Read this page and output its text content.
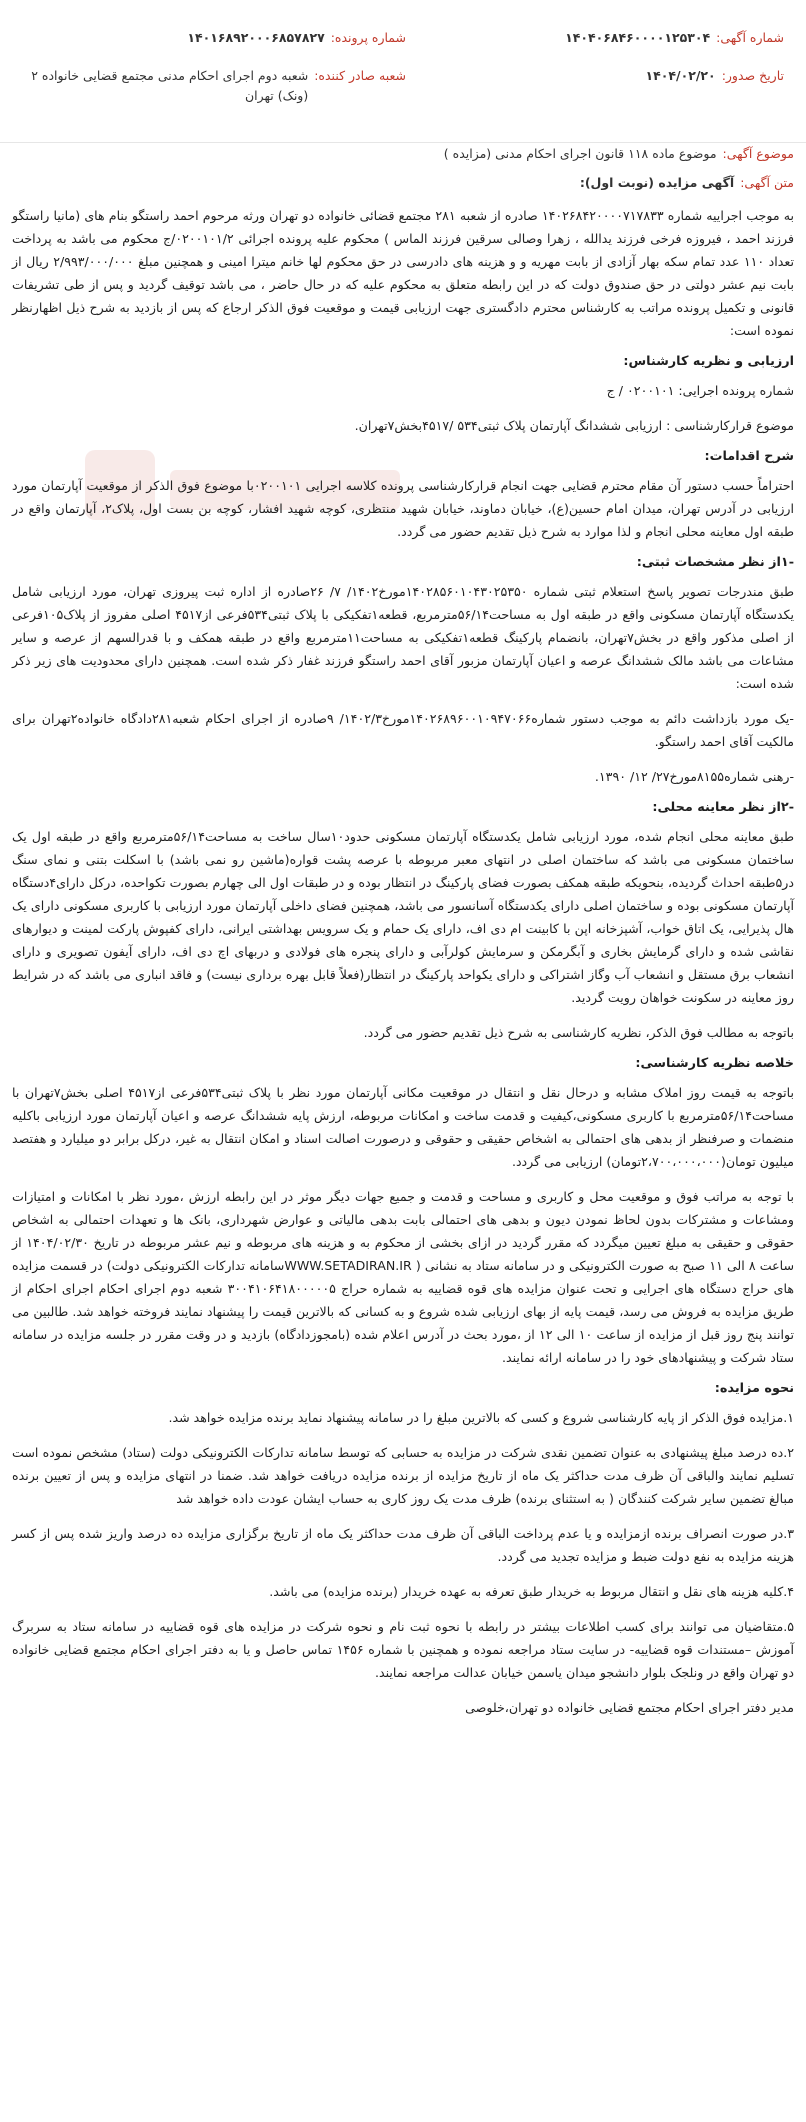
شماره آگهی:
۱۴۰۴۰۶۸۴۶۰۰۰۰۱۲۵۳۰۴
تاریخ صدور:
۱۴۰۴/۰۲/۲۰
شماره پرونده:
۱۴۰۱۶۸۹۲۰۰۰۶۸۵۷۸۲۷
شعبه صادر کننده:
شعبه دوم اجرای احکام مدنی مجتمع قضایی خانواده ۲ (ونک) تهران
موضوع آگهی:
موضوع ماده ۱۱۸ قانون اجرای احکام مدنی (مزایده )
متن آگهی:
آگهی مزایده (نوبت اول):

به موجب اجراییه شماره ۱۴۰۲۶۸۴۲۰۰۰۰۷۱۷۸۳۳ صادره از شعبه ۲۸۱ مجتمع قضائی خانواده دو تهران ورثه مرحوم احمد راستگو بنام های (مانیا راستگو فرزند احمد ، فیروزه فرخی فرزند یدالله ، زهرا وصالی سرقین فرزند الماس ) محکوم علیه پرونده اجرائی ۰۲۰۰۱۰۱/۲/ج محکوم می باشد به پرداخت تعداد ۱۱۰ عدد تمام سکه بهار آزادی از بابت مهریه و و هزینه های دادرسی در حق محکوم لها خانم میترا امینی و همچنین مبلغ ۲/۹۹۳/۰۰۰/۰۰۰ ریال از بابت نیم عشر دولتی در حق صندوق دولت که در این رابطه متعلق به محکوم علیه که در حال حاضر ، می باشد توقیف گردید و پس از طی تشریفات قانونی و تکمیل پرونده مراتب به کارشناس محترم دادگستری جهت ارزیابی قیمت و موقعیت فوق الذکر ارجاع که پس از بازدید به شرح ذیل اظهارنظر نموده است:

ارزیابی و نظریه کارشناس:

شماره پرونده اجرایی: ۰۲۰۰۱۰۱ / ج

موضوع قرارکارشناسی : ارزیابی ششدانگ آپارتمان پلاک ثبتی۵۳۴ /۴۵۱۷بخش۷تهران.

شرح اقدامات:

احتراماً حسب دستور آن مقام محترم قضایی جهت انجام قرارکارشناسی پرونده کلاسه اجرایی ۰۲۰۰۱۰۱با موضوع فوق الذکر از موقعیت آپارتمان مورد ارزیابی در آدرس تهران، میدان امام حسین(ع)، خیابان دماوند، خیابان شهید منتظری، کوچه شهید افشار، کوچه بن بست اول، پلاک۲، آپارتمان واقع در طبقه اول معاینه محلی انجام و لذا موارد به شرح ذیل تقدیم حضور می گردد.

-۱از نظر مشخصات ثبتی:

طبق مندرجات تصویر پاسخ استعلام ثبتی شماره ۱۴۰۲۸۵۶۰۱۰۴۳۰۲۵۳۵۰مورخ۱۴۰۲/ ۷/ ۲۶صادره از اداره ثبت پیروزی تهران، مورد ارزیابی شامل یکدستگاه آپارتمان مسکونی واقع در طبقه اول به مساحت۵۶/۱۴مترمربع، قطعه۱تفکیکی با پلاک ثبتی۵۳۴فرعی از۴۵۱۷ اصلی مفروز از پلاک۱۰۵فرعی از اصلی مذکور واقع در بخش۷تهران، بانضمام پارکینگ قطعه۱تفکیکی به مساحت۱۱مترمربع واقع در طبقه همکف و با قدرالسهم از عرصه و سایر مشاعات می باشد مالک ششدانگ عرصه و اعیان آپارتمان مزبور آقای احمد راستگو فرزند غفار ذکر شده است. همچنین دارای محدودیت های زیر ذکر شده است:

-یک مورد بازداشت دائم به موجب دستور شماره۱۴۰۲۶۸۹۶۰۰۱۰۹۴۷۰۶۶مورخ۱۴۰۲/۳/ ۹صادره از اجرای احکام شعبه۲۸۱دادگاه خانواده۲تهران برای مالکیت آقای احمد راستگو.

-رهنی شماره۸۱۵۵مورخ۲۷/ ۱۲/ ۱۳۹۰.

-۲از نظر معاینه محلی:

طبق معاینه محلی انجام شده، مورد ارزیابی شامل یکدستگاه آپارتمان مسکونی حدود۱۰سال ساخت به مساحت۵۶/۱۴مترمربع واقع در طبقه اول یک ساختمان مسکونی می باشد که ساختمان اصلی در انتهای معبر مربوطه با عرصه پشت قواره(ماشین رو نمی باشد) با اسکلت بتنی و نمای سنگ در۵طبقه احداث گردیده، بنحویکه طبقه همکف بصورت فضای پارکینگ در انتظار بوده و در طبقات اول الی چهارم بصورت تکواحده، درکل دارای۴دستگاه آپارتمان مسکونی بوده و ساختمان اصلی دارای یکدستگاه آسانسور می باشد، همچنین فضای داخلی آپارتمان مورد ارزیابی با کاربری مسکونی دارای یک هال پذیرایی، یک اتاق خواب، آشپزخانه اپن با کابینت ام دی اف، دارای یک حمام و یک سرویس بهداشتی ایرانی، دارای کفپوش پارکت لمینت و دیوارهای نقاشی شده و دارای گرمایش بخاری و آبگرمکن و سرمایش کولرآبی و دارای پنجره های فولادی و دربهای اچ دی اف، دارای آیفون تصویری و دارای انشعاب برق مستقل و انشعاب آب وگاز اشتراکی و دارای یکواحد پارکینگ در انتظار(فعلاً قابل بهره برداری نیست) و فاقد انباری می باشد که در شرایط روز معاینه در سکونت خواهان رویت گردید.

باتوجه به مطالب فوق الذکر، نظریه کارشناسی به شرح ذیل تقدیم حضور می گردد.

خلاصه نظریه کارشناسی:

باتوجه به قیمت روز املاک مشابه و درحال نقل و انتقال در موقعیت مکانی آپارتمان مورد نظر با پلاک ثبتی۵۳۴فرعی از۴۵۱۷ اصلی بخش۷تهران با مساحت۵۶/۱۴مترمربع با کاربری مسکونی،کیفیت و قدمت ساخت و امکانات مربوطه، ارزش پایه ششدانگ عرصه و اعیان آپارتمان مورد ارزیابی باکلیه منضمات و صرفنظر از بدهی های احتمالی به اشخاص حقیقی و حقوقی و درصورت اصالت اسناد و امکان انتقال به غیر، درکل برابر دو میلیارد و هفتصد میلیون تومان(۲،۷۰۰،۰۰۰،۰۰۰تومان) ارزیابی می گردد.

با توجه به مراتب فوق و موقعیت محل و کاربری و مساحت و قدمت و جمیع جهات دیگر موثر در این رابطه ارزش ،مورد نظر با امکانات و امتیازات ومشاعات و مشترکات بدون لحاظ نمودن دیون و بدهی های احتمالی بابت بدهی مالیاتی و عوارض شهرداری، بانک ها و تعهدات احتمالی به اشخاص حقوقی و حقیقی به مبلغ تعیین میگردد که مقرر گردید در ازای بخشی از محکوم به و هزینه های مربوطه و نیم عشر مربوطه در تاریخ ۱۴۰۴/۰۲/۳۰ از ساعت ۸ الی ۱۱ صبح به صورت الکترونیکی و در سامانه ستاد به نشانی ( WWW.SETADIRAN.IRسامانه تدارکات الکترونیکی دولت) در قسمت مزایده های حراج دستگاه های اجرایی و تحت عنوان مزایده های قوه قضاییه به شماره حراج ۳۰۰۴۱۰۶۴۱۸۰۰۰۰۰۵ شعبه دوم اجرای احکام اجرای احکام از طریق مزایده به فروش می رسد، قیمت پایه از بهای ارزیابی شده شروع و به کسانی که بالاترین قیمت را پیشنهاد نمایند فروخته خواهد شد. طالبین می توانند پنج روز قبل از مزایده از ساعت ۱۰ الی ۱۲ از ،مورد بحث در آدرس اعلام شده (بامجوزدادگاه) بازدید و در وقت مقرر در جلسه مزایده در سامانه ستاد شرکت و پیشنهادهای خود را در سامانه ارائه نمایند.

نحوه مزایده:

۱.مزایده فوق الذکر از پایه کارشناسی شروع و کسی که بالاترین مبلغ را در سامانه پیشنهاد نماید برنده مزایده خواهد شد.

۲.ده درصد مبلغ پیشنهادی به عنوان تضمین نقدی شرکت در مزایده به حسابی که توسط سامانه تدارکات الکترونیکی دولت (ستاد) مشخص نموده است تسلیم نمایند والباقی آن ظرف مدت حداکثر یک ماه از تاریخ مزایده از برنده مزایده دریافت خواهد شد. ضمنا در انتهای مزایده و پس از تعیین برنده مبالغ تضمین سایر شرکت کنندگان ( به استثنای برنده) ظرف مدت یک روز کاری به حساب ایشان عودت داده خواهد شد

۳.در صورت انصراف برنده ازمزایده و یا عدم پرداخت الباقی آن ظرف مدت حداکثر یک ماه از تاریخ برگزاری مزایده ده درصد واریز شده پس از کسر هزینه مزایده به نفع دولت ضبط و مزایده تجدید می گردد.

۴.کلیه هزینه های نقل و انتقال مربوط به خریدار طبق تعرفه به عهده خریدار (برنده مزایده) می باشد.

۵.متقاضیان می توانند برای کسب اطلاعات بیشتر در رابطه با نحوه ثبت نام و نحوه شرکت در مزایده های قوه قضاییه در سامانه ستاد به سربرگ آموزش –مستندات قوه قضاییه- در سایت ستاد مراجعه نموده و همچنین با شماره ۱۴۵۶ تماس حاصل و یا به دفتر اجرای احکام مجتمع قضایی خانواده دو تهران واقع در ونلجک بلوار دانشجو میدان یاسمن خیابان عدالت مراجعه نمایند.

مدیر دفتر اجرای احکام مجتمع قضایی خانواده دو تهران،خلوصی
